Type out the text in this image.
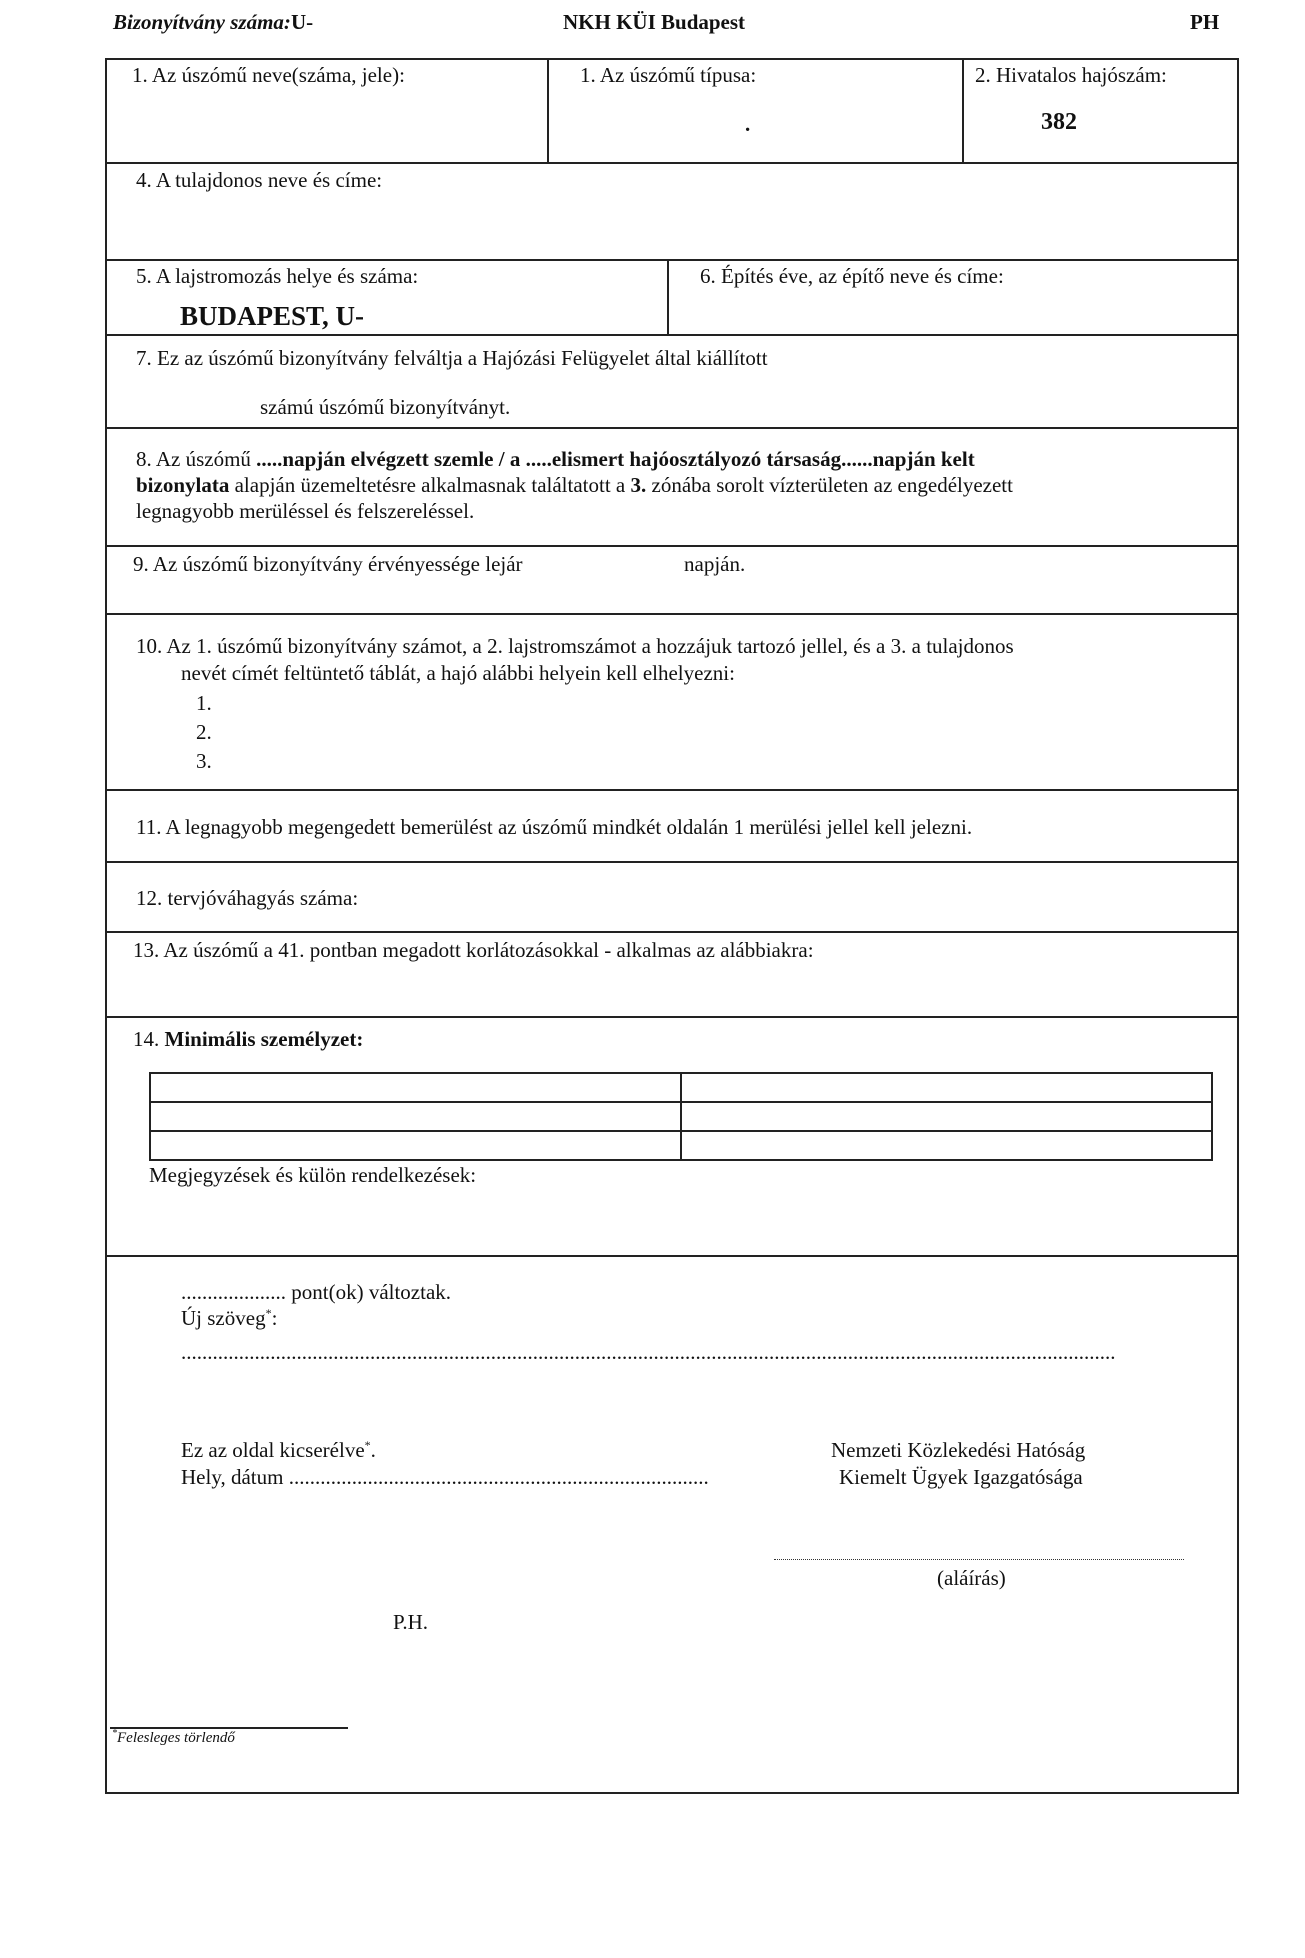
Bizonyítvány száma:U-	NKH KÜI Budapest	PH
1. Az úszómű neve(száma, jele):	1. Az úszómű típusa:
.
2. Hivatalos hajószám:
382
4. A tulajdonos neve és címe:
5. A lajstromozás helye és száma:
BUDAPEST, U-
6. Építés éve, az építő neve és címe:
7. Ez az úszómű bizonyítvány felváltja a Hajózási Felügyelet által kiállított
számú úszómű bizonyítványt.
8. Az úszómű .....napján elvégzett szemle / a .....elismert hajóosztályozó társaság......napján kelt
bizonylata alapján üzemeltetésre alkalmasnak találtatott a 3. zónába sorolt vízterületen az engedélyezett
legnagyobb merüléssel és felszereléssel.
9. Az úszómű bizonyítvány érvényessége lejár	napján.
10. Az 1. úszómű bizonyítvány számot, a 2. lajstromszámot a hozzájuk tartozó jellel, és a 3. a tulajdonos
nevét címét feltüntető táblát, a hajó alábbi helyein kell elhelyezni:
1.
2.
3.
11. A legnagyobb megengedett bemerülést az úszómű mindkét oldalán 1 merülési jellel kell jelezni.
12. tervjóváhagyás száma:
13. Az úszómű a 41. pontban megadott korlátozásokkal - alkalmas az alábbiakra:
14. Minimális személyzet:

Megjegyzések és külön rendelkezések:
.................... pont(ok) változtak.
Új szöveg*:
..................................................................................................................................................................................
Ez az oldal kicserélve*.
Hely, dátum ................................................................................
Nemzeti Közlekedési Hatóság
Kiemelt Ügyek Igazgatósága
(aláírás)
P.H.
*Felesleges törlendő
